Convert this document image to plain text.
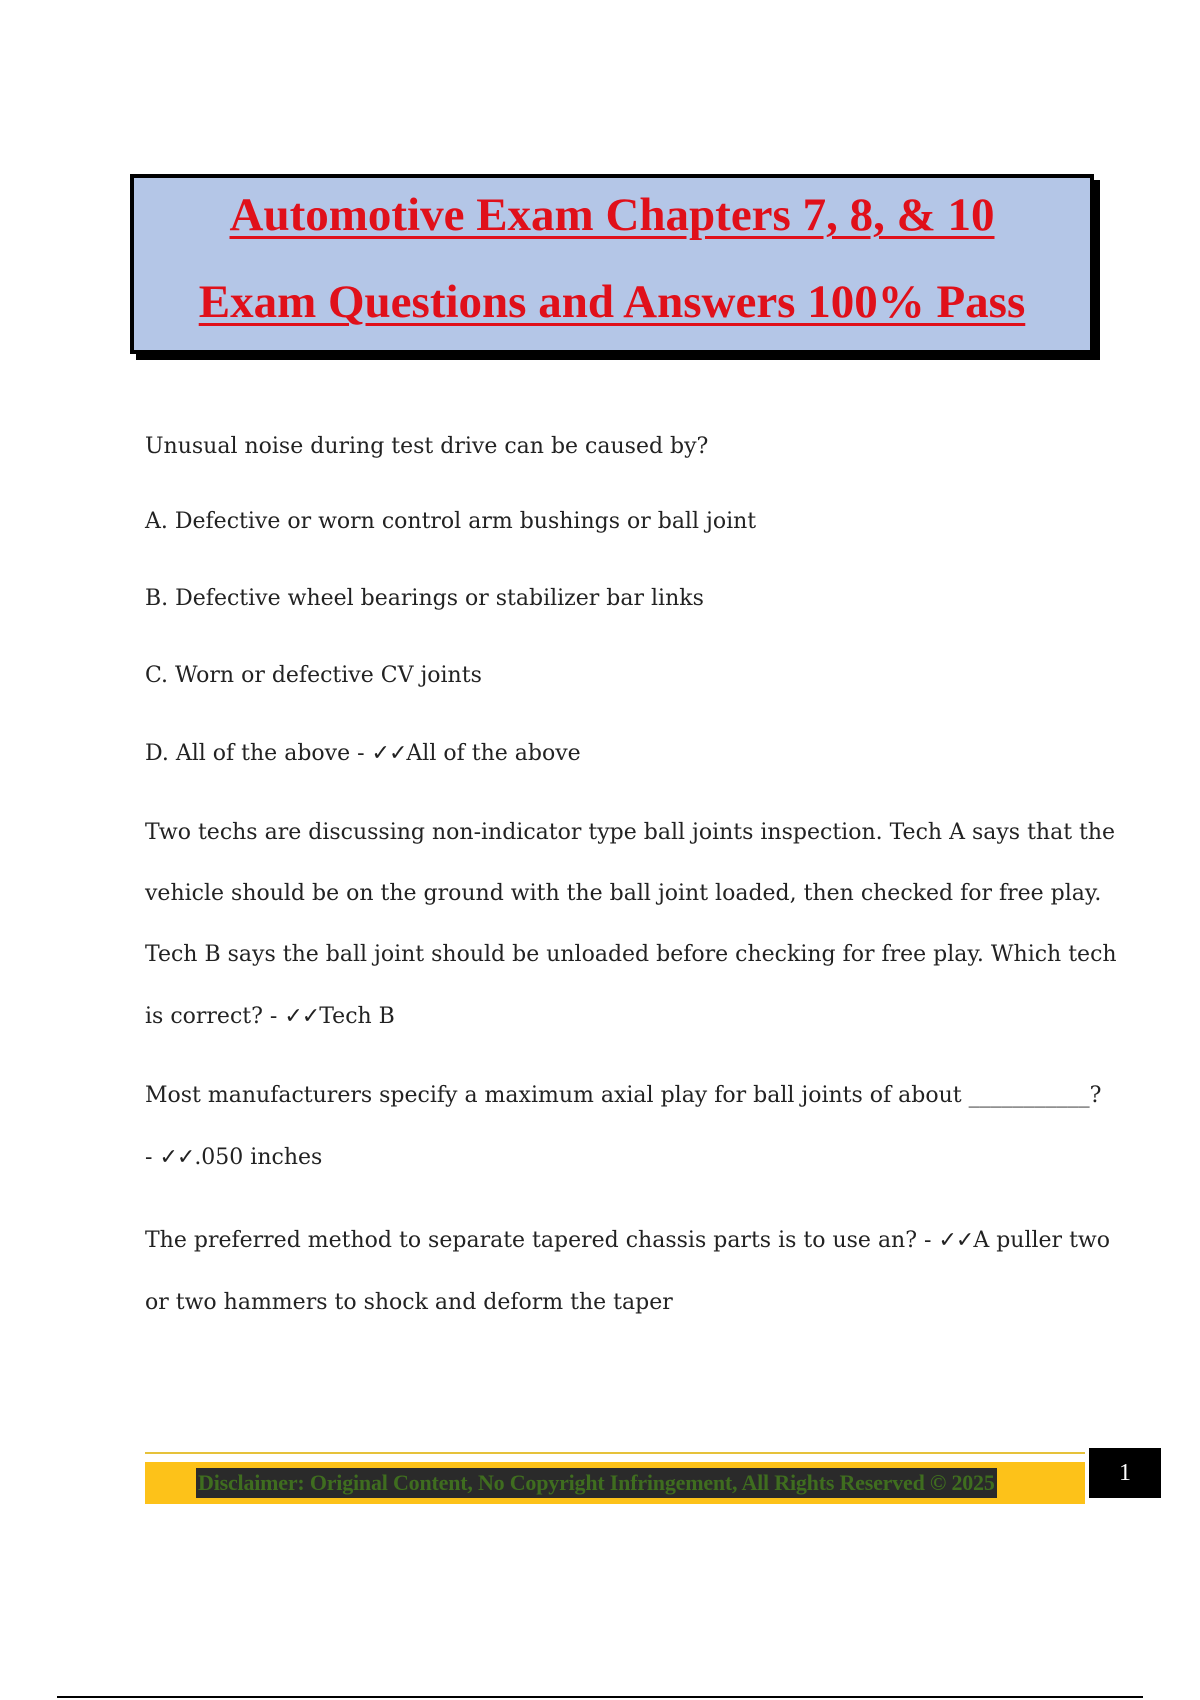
Automotive Exam Chapters 7, 8, & 10
Exam Questions and Answers 100% Pass
Unusual noise during test drive can be caused by?
A. Defective or worn control arm bushings or ball joint
B. Defective wheel bearings or stabilizer bar links
C. Worn or defective CV joints
D. All of the above - ✓✓All of the above
Two techs are discussing non-indicator type ball joints inspection. Tech A says that the
vehicle should be on the ground with the ball joint loaded, then checked for free play.
Tech B says the ball joint should be unloaded before checking for free play. Which tech
is correct? - ✓✓Tech B
Most manufacturers specify a maximum axial play for ball joints of about ___________?
- ✓✓.050 inches
The preferred method to separate tapered chassis parts is to use an? - ✓✓A puller two
or two hammers to shock and deform the taper
Disclaimer: Original Content, No Copyright Infringement, All Rights Reserved © 2025	1
